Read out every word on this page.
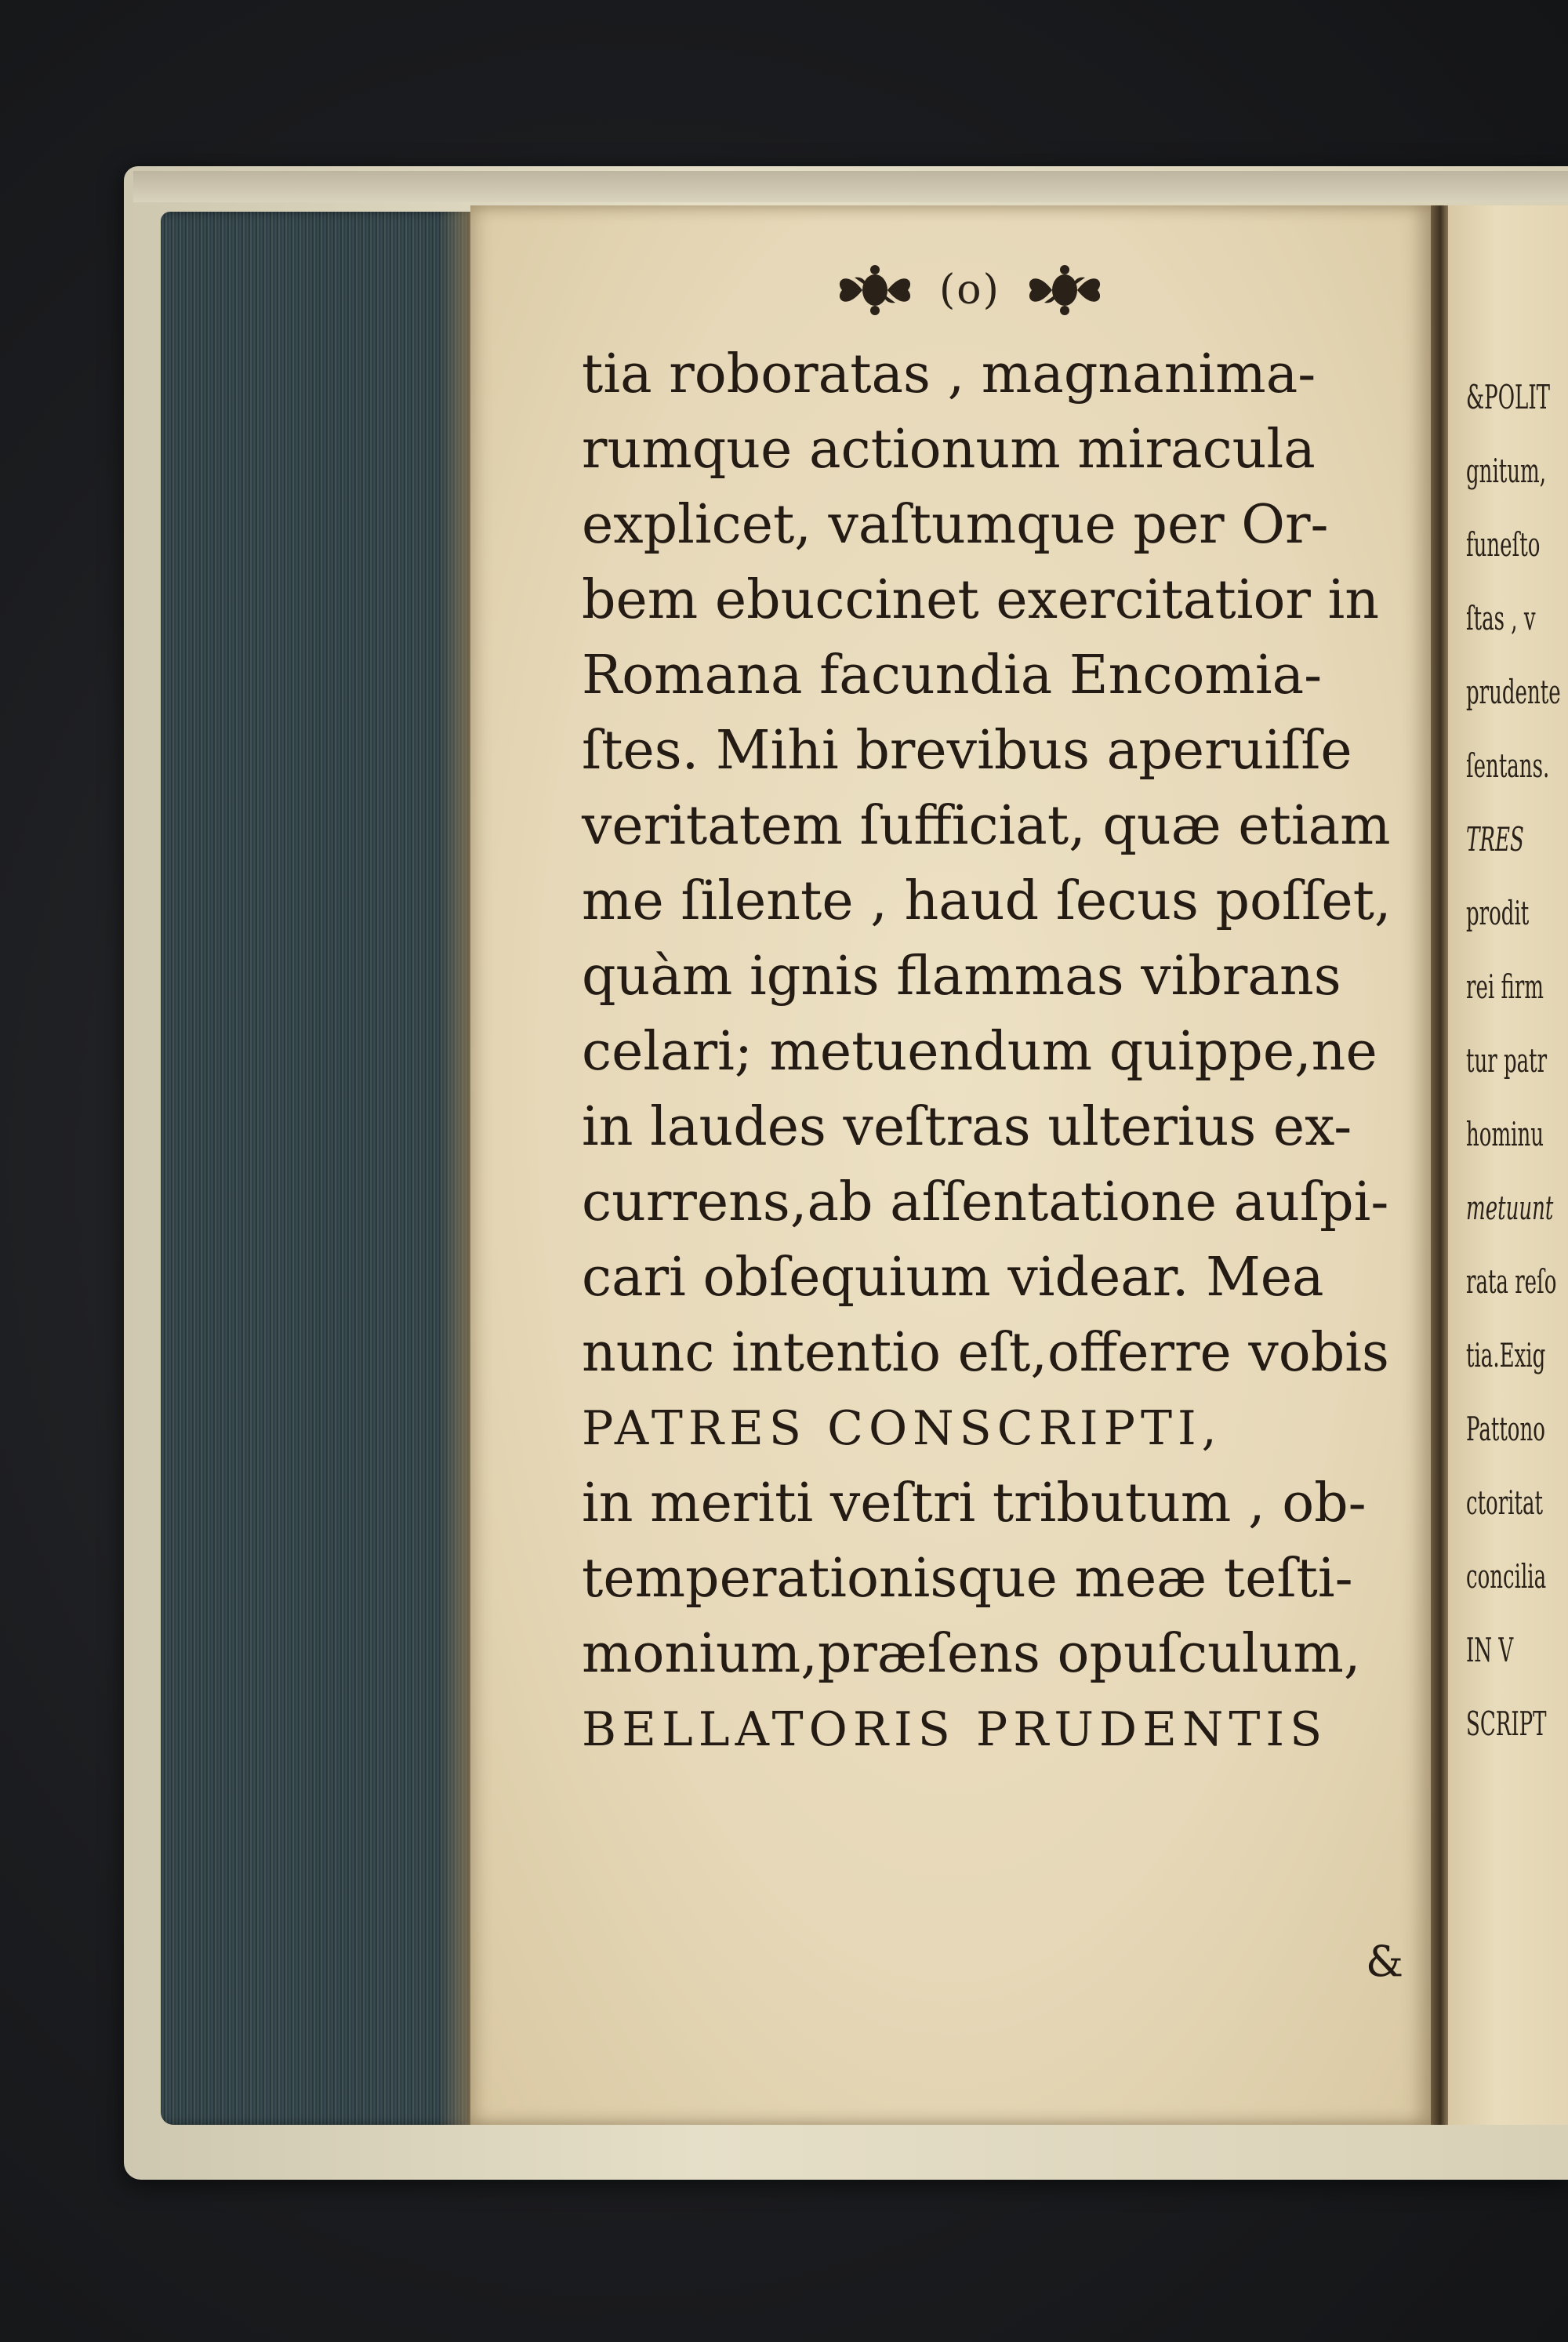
(o)
tia roboratas , magnanima-
rumque actionum miracula
explicet, vaſtumque per Or-
bem ebuccinet exercitatior in
Romana facundia Encomia-
ſtes. Mihi brevibus aperuiſſe
veritatem ſufficiat, quæ etiam
me ſilente , haud ſecus poſſet,
quàm ignis flammas vibrans
celari; metuendum quippe,ne
in laudes veſtras ulterius ex-
currens,ab aſſentatione auſpi-
cari obſequium videar. Mea
nunc intentio eſt,offerre vobis
PATRES CONSCRIPTI,
in meriti veſtri tributum , ob-
temperationisque meæ teſti-
monium,præſens opuſculum,
BELLATORIS PRUDENTIS
&
&POLIT
gnitum,
funeſto
ſtas , v
prudente
ſentans.
TRES
prodit
rei firm
tur patr
hominu
metuunt
rata reſo
tia.Exig
Pattono
ctoritat
concilia
IN V
SCRIPT
